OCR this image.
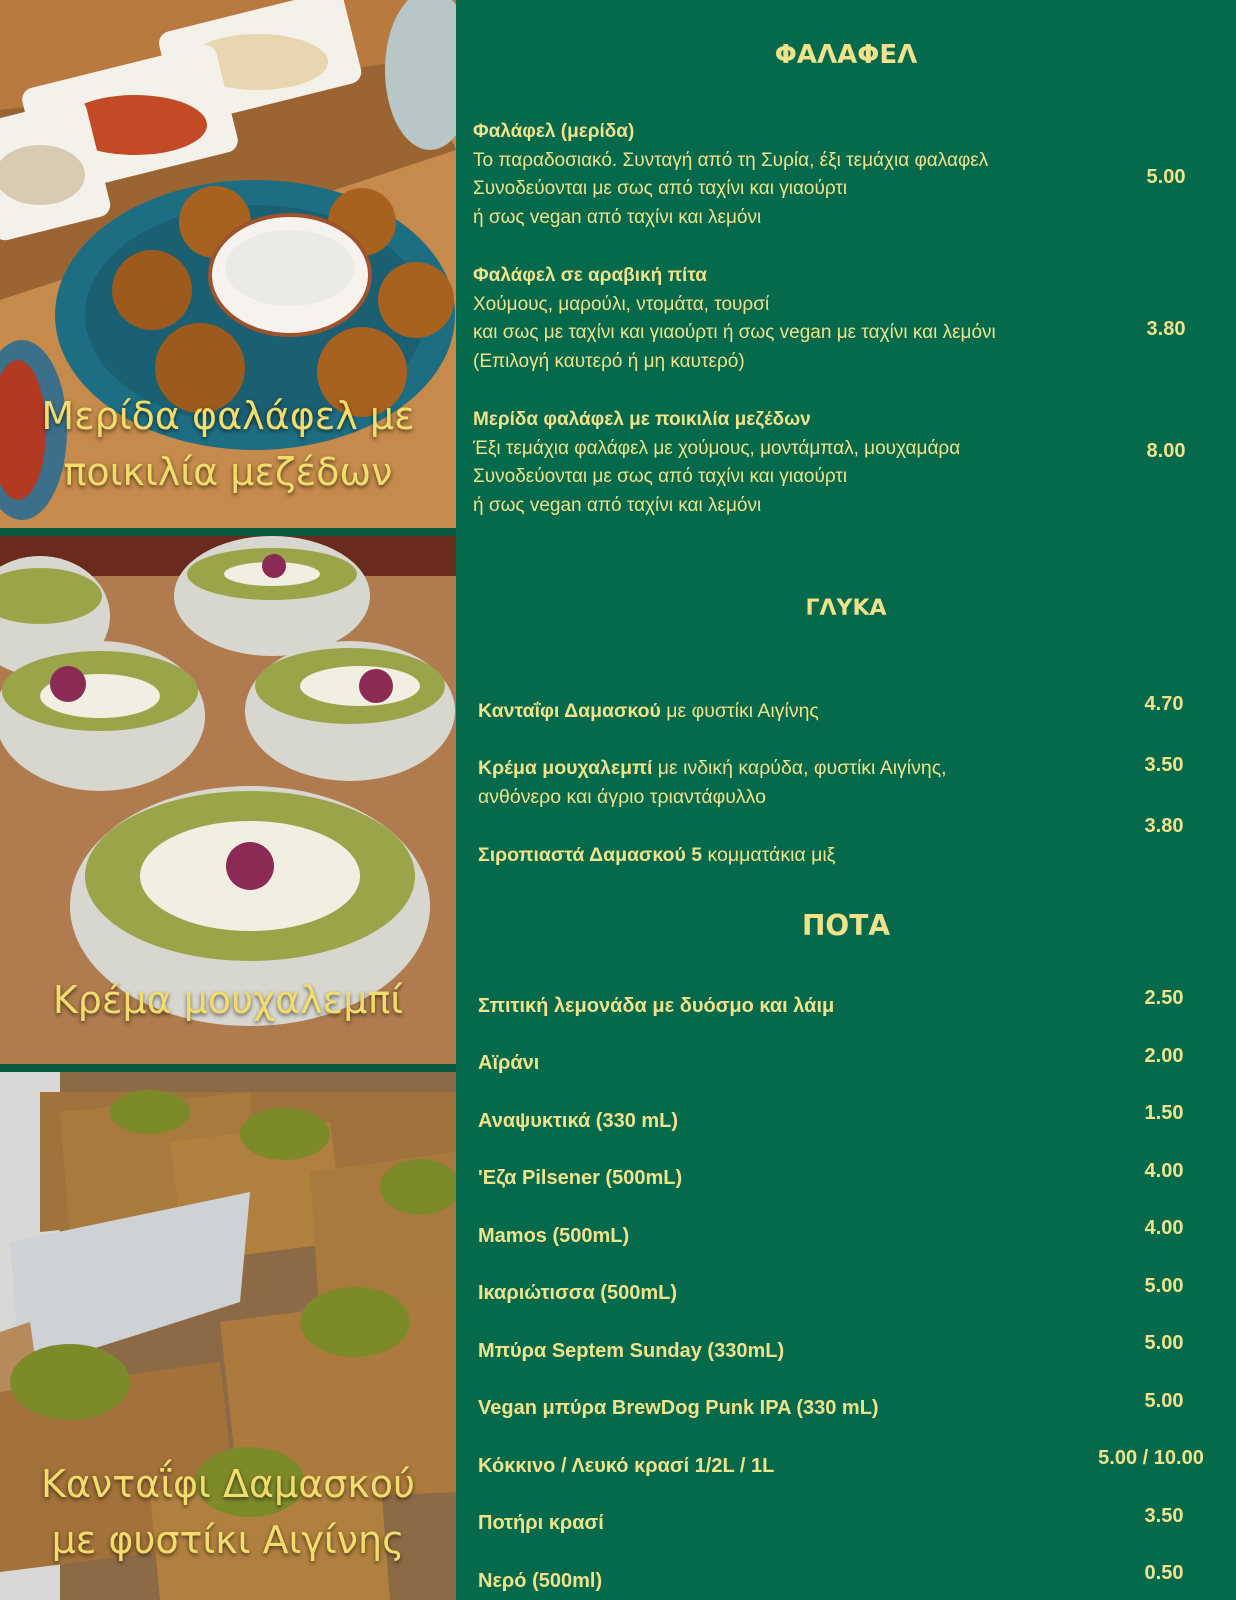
Μερίδα φαλάφελ με
ποικιλία μεζέδων
Κρέμα μουχαλεμπί
Κανταΐφι Δαμασκού
με φυστίκι Αιγίνης
ΦΑΛΑΦΕΛ
Φαλάφελ (μερίδα)
Το παραδοσιακό. Συνταγή από τη Συρία, έξι τεμάχια φαλαφελ
Συνοδεύονται με σως από ταχίνι και γιαούρτι
ή σως vegan από ταχίνι και λεμόνι
5.00
Φαλάφελ σε αραβική πίτα
Χούμους, μαρούλι, ντομάτα, τουρσί
και σως με ταχίνι και γιαούρτι ή σως vegan με ταχίνι και λεμόνι
(Επιλογή καυτερό ή μη καυτερό)
3.80
Μερίδα φαλάφελ με ποικιλία μεζέδων
Έξι τεμάχια φαλάφελ με χούμους, μοντάμπαλ, μουχαμάρα
Συνοδεύονται με σως από ταχίνι και γιαούρτι
ή σως vegan από ταχίνι και λεμόνι
8.00
ΓΛΥΚΑ
Κανταΐφι Δαμασκού με φυστίκι Αιγίνης	4.70
Κρέμα μουχαλεμπί με ινδική καρύδα, φυστίκι Αιγίνης,
ανθόνερο και άγριο τριαντάφυλλο
3.50
Σιροπιαστά Δαμασκού 5 κομματάκια μιξ
3.80
ΠΟΤΑ
Σπιτική λεμονάδα με δυόσμο και λάιμ	2.50
Αϊράνι	2.00
Αναψυκτικά (330 mL)	1.50
'Εζα Pilsener (500mL)	4.00
Mamos (500mL)	4.00
Ικαριώτισσα (500mL)	5.00
Μπύρα Septem Sunday (330mL)	5.00
Vegan μπύρα BrewDog Punk IPA (330 mL)	5.00
Κόκκινο / Λευκό κρασί 1/2L / 1L	5.00 / 10.00
Ποτήρι κρασί	3.50
Νερό (500ml)	0.50
